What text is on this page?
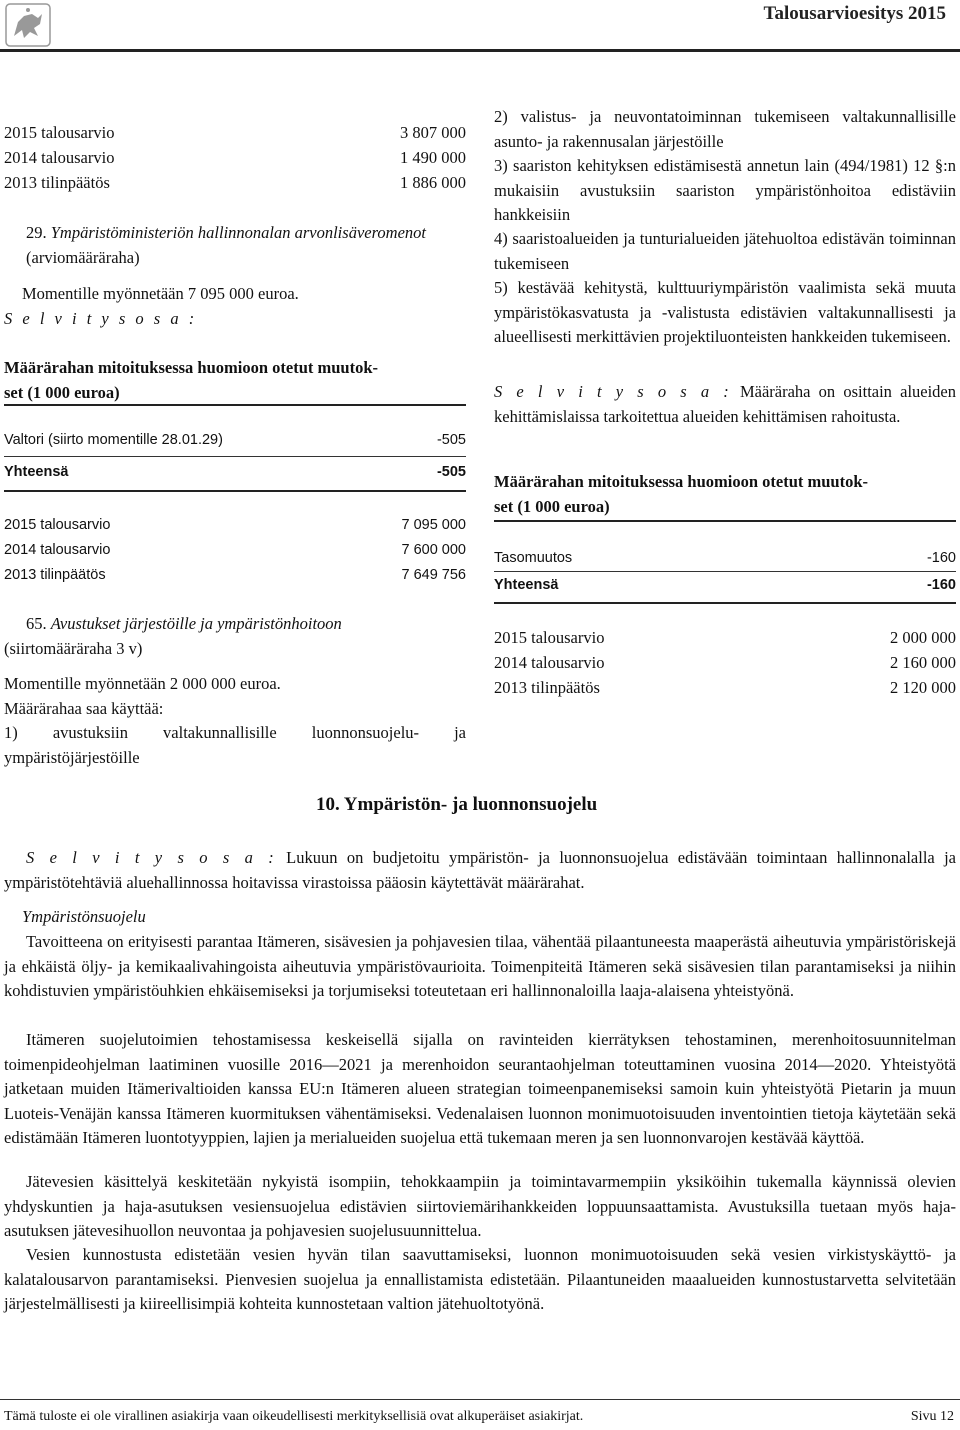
Talousarvioesitys 2015
2015 talousarvio	3 807 000
2014 talousarvio	1 490 000
2013 tilinpäätös	1 886 000
29. Ympäristöministeriön hallinnonalan arvonlisäveromenot (arviomääräraha)
Momentille myönnetään 7 095 000 euroa.
S e l v i t y s o s a :
Määrärahan mitoituksessa huomioon otetut muutok-
set (1 000 euroa)
Valtori (siirto momentille 28.01.29)	-505
Yhteensä	-505
2015 talousarvio	7 095 000
2014 talousarvio	7 600 000
2013 tilinpäätös	7 649 756
65. Avustukset järjestöille ja ympäristönhoitoon
(siirtomääräraha 3 v)
Momentille myönnetään 2 000 000 euroa.
Määrärahaa saa käyttää:
1) avustuksiin valtakunnallisille luonnonsuojelu- ja
ympäristöjärjestöille
2) valistus- ja neuvontatoiminnan tukemiseen valtakunnallisille asunto- ja rakennusalan järjestöille
3) saariston kehityksen edistämisestä annetun lain (494/1981) 12 §:n mukaisiin avustuksiin saariston ympäristönhoitoa edistäviin hankkeisiin
4) saaristoalueiden ja tunturialueiden jätehuoltoa edistävän toiminnan tukemiseen
5) kestävää kehitystä, kulttuuriympäristön vaalimista sekä muuta ympäristökasvatusta ja -valistusta edistävien valtakunnallisesti ja alueellisesti merkittävien projektiluonteisten hankkeiden tukemiseen.
S e l v i t y s o s a : Määräraha on osittain alueiden kehittämislaissa tarkoitettua alueiden kehittämisen rahoitusta.
Määrärahan mitoituksessa huomioon otetut muutok-
set (1 000 euroa)
Tasomuutos	-160
Yhteensä	-160
2015 talousarvio	2 000 000
2014 talousarvio	2 160 000
2013 tilinpäätös	2 120 000
10. Ympäristön- ja luonnonsuojelu
S e l v i t y s o s a : Lukuun on budjetoitu ympäristön- ja luonnonsuojelua edistävään toimintaan hallinnonalalla ja ympäristötehtäviä aluehallinnossa hoitavissa virastoissa pääosin käytettävät määrärahat.
Ympäristönsuojelu
Tavoitteena on erityisesti parantaa Itämeren, sisävesien ja pohjavesien tilaa, vähentää pilaantuneesta maaperästä aiheutuvia ympäristöriskejä ja ehkäistä öljy- ja kemikaalivahingoista aiheutuvia ympäristövaurioita. Toimenpiteitä Itämeren sekä sisävesien tilan parantamiseksi ja niihin kohdistuvien ympäristöuhkien ehkäisemiseksi ja torjumiseksi toteutetaan eri hallinnonaloilla laaja-alaisena yhteistyönä.
Itämeren suojelutoimien tehostamisessa keskeisellä sijalla on ravinteiden kierrätyksen tehostaminen, merenhoitosuunnitelman toimenpideohjelman laatiminen vuosille 2016—2021 ja merenhoidon seurantaohjelman toteuttaminen vuosina 2014—2020. Yhteistyötä jatketaan muiden Itämerivaltioiden kanssa EU:n Itämeren alueen strategian toimeenpanemiseksi samoin kuin yhteistyötä Pietarin ja muun Luoteis-Venäjän kanssa Itämeren kuormituksen vähentämiseksi. Vedenalaisen luonnon monimuotoisuuden inventointien tietoja käytetään sekä edistämään Itämeren luontotyyppien, lajien ja merialueiden suojelua että tukemaan meren ja sen luonnonvarojen kestävää käyttöä.
Jätevesien käsittelyä keskitetään nykyistä isompiin, tehokkaampiin ja toimintavarmempiin yksiköihin tukemalla käynnissä olevien yhdyskuntien ja haja-asutuksen vesiensuojelua edistävien siirtoviemärihankkeiden loppuunsaattamista. Avustuksilla tuetaan myös haja-asutuksen jätevesihuollon neuvontaa ja pohjavesien suojelusuunnittelua.
Vesien kunnostusta edistetään vesien hyvän tilan saavuttamiseksi, luonnon monimuotoisuuden sekä vesien virkistyskäyttö- ja kalatalousarvon parantamiseksi. Pienvesien suojelua ja ennallistamista edistetään. Pilaantuneiden maaalueiden kunnostustarvetta selvitetään järjestelmällisesti ja kiireellisimpiä kohteita kunnostetaan valtion jätehuoltotyönä.
Tämä tuloste ei ole virallinen asiakirja vaan oikeudellisesti merkityksellisiä ovat alkuperäiset asiakirjat.	Sivu 12
